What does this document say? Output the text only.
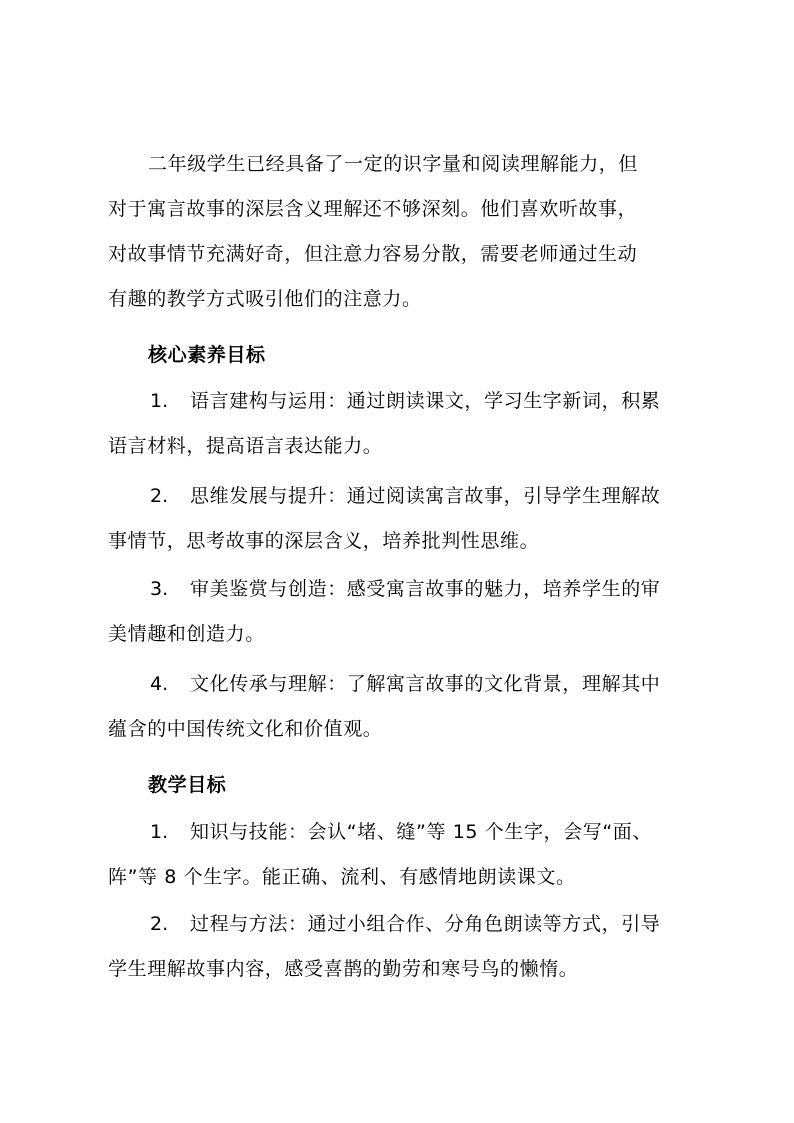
二年级学生已经具备了一定的识字量和阅读理解能力，但
对于寓言故事的深层含义理解还不够深刻。他们喜欢听故事，
对故事情节充满好奇，但注意力容易分散，需要老师通过生动
有趣的教学方式吸引他们的注意力。
核心素养目标
1. 语言建构与运用：通过朗读课文，学习生字新词，积累
语言材料，提高语言表达能力。
2. 思维发展与提升：通过阅读寓言故事，引导学生理解故
事情节，思考故事的深层含义，培养批判性思维。
3. 审美鉴赏与创造：感受寓言故事的魅力，培养学生的审
美情趣和创造力。
4. 文化传承与理解：了解寓言故事的文化背景，理解其中
蕴含的中国传统文化和价值观。
教学目标
1. 知识与技能：会认“堵、缝”等 15 个生字，会写“面、
阵”等 8 个生字。能正确、流利、有感情地朗读课文。
2. 过程与方法：通过小组合作、分角色朗读等方式，引导
学生理解故事内容，感受喜鹊的勤劳和寒号鸟的懒惰。
